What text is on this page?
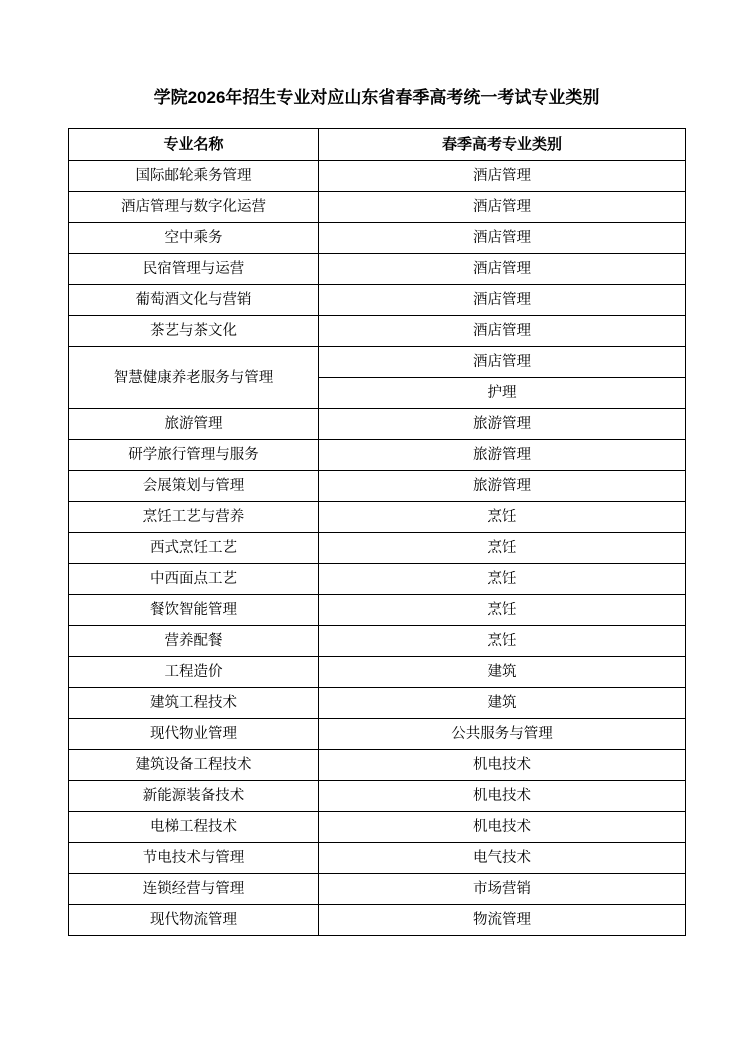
学院2026年招生专业对应山东省春季高考统一考试专业类别
专业名称	春季高考专业类别
国际邮轮乘务管理	酒店管理
酒店管理与数字化运营	酒店管理
空中乘务	酒店管理
民宿管理与运营	酒店管理
葡萄酒文化与营销	酒店管理
茶艺与茶文化	酒店管理
智慧健康养老服务与管理	酒店管理
	护理
旅游管理	旅游管理
研学旅行管理与服务	旅游管理
会展策划与管理	旅游管理
烹饪工艺与营养	烹饪
西式烹饪工艺	烹饪
中西面点工艺	烹饪
餐饮智能管理	烹饪
营养配餐	烹饪
工程造价	建筑
建筑工程技术	建筑
现代物业管理	公共服务与管理
建筑设备工程技术	机电技术
新能源装备技术	机电技术
电梯工程技术	机电技术
节电技术与管理	电气技术
连锁经营与管理	市场营销
现代物流管理	物流管理
